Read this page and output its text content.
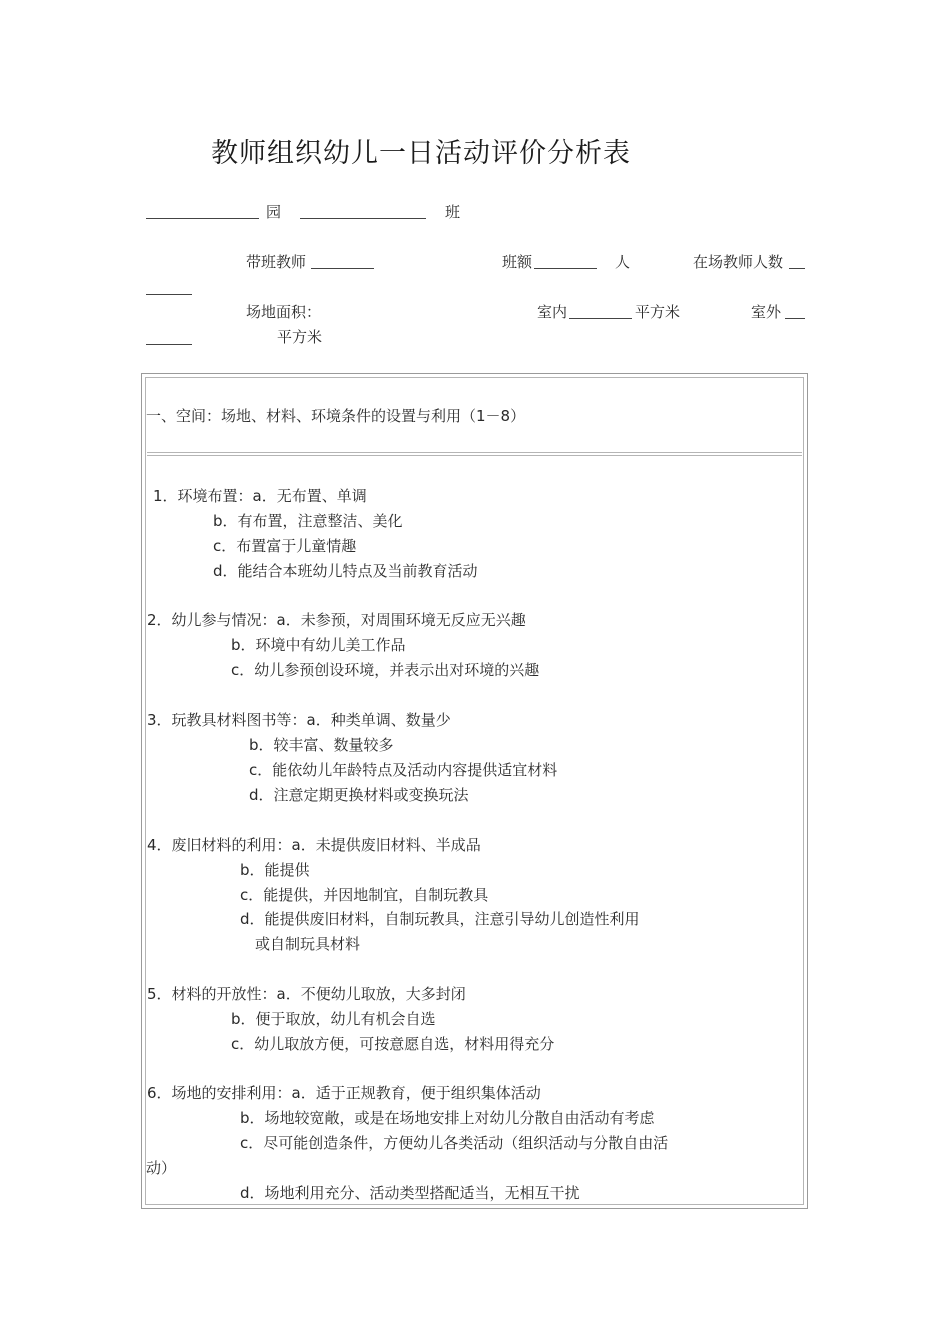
教师组织幼儿一日活动评价分析表
园	班
带班教师	班额	人	在场教师人数
场地面积：	室内	平方米	室外
平方米
一、空间：场地、材料、环境条件的设置与利用（1－8）
1．环境布置：a．无布置、单调
b．有布置，注意整洁、美化
c．布置富于儿童情趣
d．能结合本班幼儿特点及当前教育活动
2．幼儿参与情况：a．未参预，对周围环境无反应无兴趣
b．环境中有幼儿美工作品
c．幼儿参预创设环境，并表示出对环境的兴趣
3．玩教具材料图书等：a．种类单调、数量少
b．较丰富、数量较多
c．能依幼儿年龄特点及活动内容提供适宜材料
d．注意定期更换材料或变换玩法
4．废旧材料的利用：a．未提供废旧材料、半成品
b．能提供
c．能提供，并因地制宜，自制玩教具
d．能提供废旧材料，自制玩教具，注意引导幼儿创造性利用
或自制玩具材料
5．材料的开放性：a．不便幼儿取放，大多封闭
b．便于取放，幼儿有机会自选
c．幼儿取放方便，可按意愿自选，材料用得充分
6．场地的安排利用：a．适于正规教育，便于组织集体活动
b．场地较宽敞，或是在场地安排上对幼儿分散自由活动有考虑
c．尽可能创造条件，方便幼儿各类活动（组织活动与分散自由活
动）
d．场地利用充分、活动类型搭配适当，无相互干扰
